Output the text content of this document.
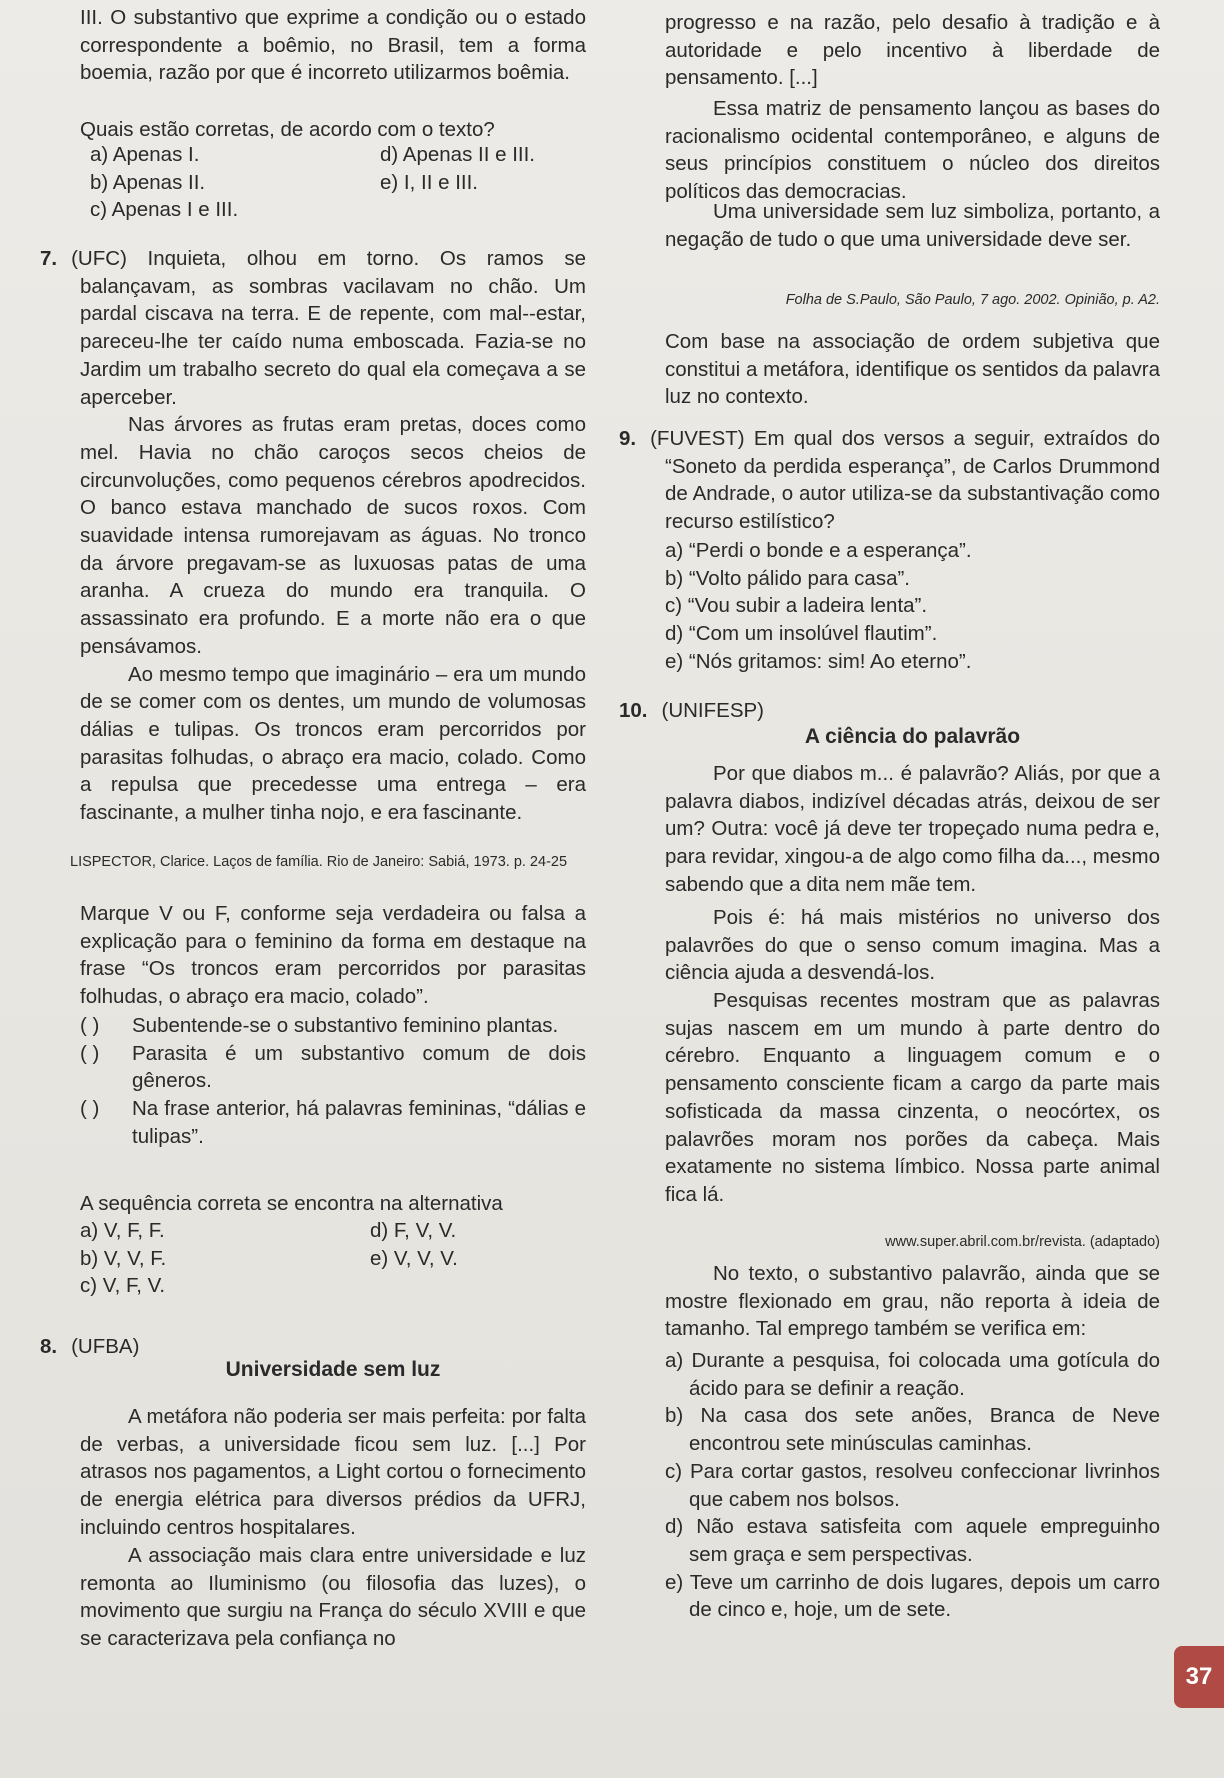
III. O substantivo que exprime a condição ou o estado correspondente a boêmio, no Brasil, tem a forma boemia, razão por que é incorreto utilizarmos boêmia.

Quais estão corretas, de acordo com o texto?

a) Apenas I.	d) Apenas II e III.
b) Apenas II.	e) I, II e III.
c) Apenas I e III.

7. (UFC) Inquieta, olhou em torno. Os ramos se balançavam, as sombras vacilavam no chão. Um pardal ciscava na terra. E de repente, com mal--estar, pareceu-lhe ter caído numa emboscada. Fazia-se no Jardim um trabalho secreto do qual ela começava a se aperceber.

Nas árvores as frutas eram pretas, doces como mel. Havia no chão caroços secos cheios de circunvoluções, como pequenos cérebros apodrecidos. O banco estava manchado de sucos roxos. Com suavidade intensa rumorejavam as águas. No tronco da árvore pregavam-se as luxuosas patas de uma aranha. A crueza do mundo era tranquila. O assassinato era profundo. E a morte não era o que pensávamos.

Ao mesmo tempo que imaginário – era um mundo de se comer com os dentes, um mundo de volumosas dálias e tulipas. Os troncos eram percorridos por parasitas folhudas, o abraço era macio, colado. Como a repulsa que precedesse uma entrega – era fascinante, a mulher tinha nojo, e era fascinante.

LISPECTOR, Clarice. Laços de família. Rio de Janeiro: Sabiá, 1973. p. 24-25

Marque V ou F, conforme seja verdadeira ou falsa a explicação para o feminino da forma em destaque na frase “Os troncos eram percorridos por parasitas folhudas, o abraço era macio, colado”.

( )	Subentende-se o substantivo feminino plantas.
( )	Parasita é um substantivo comum de dois gêneros.
( )	Na frase anterior, há palavras femininas, “dálias e tulipas”.

A sequência correta se encontra na alternativa

a) V, F, F.	d) F, V, V.
b) V, V, F.	e) V, V, V.
c) V, F, V.

8. (UFBA)

Universidade sem luz

A metáfora não poderia ser mais perfeita: por falta de verbas, a universidade ficou sem luz. [...] Por atrasos nos pagamentos, a Light cortou o fornecimento de energia elétrica para diversos prédios da UFRJ, incluindo centros hospitalares.

A associação mais clara entre universidade e luz remonta ao Iluminismo (ou filosofia das luzes), o movimento que surgiu na França do século XVIII e que se caracterizava pela confiança no

progresso e na razão, pelo desafio à tradição e à autoridade e pelo incentivo à liberdade de pensamento. [...]

Essa matriz de pensamento lançou as bases do racionalismo ocidental contemporâneo, e alguns de seus princípios constituem o núcleo dos direitos políticos das democracias.

Uma universidade sem luz simboliza, portanto, a negação de tudo o que uma universidade deve ser.

Folha de S.Paulo, São Paulo, 7 ago. 2002. Opinião, p. A2.

Com base na associação de ordem subjetiva que constitui a metáfora, identifique os sentidos da palavra luz no contexto.

9. (FUVEST) Em qual dos versos a seguir, extraídos do “Soneto da perdida esperança”, de Carlos Drummond de Andrade, o autor utiliza-se da substantivação como recurso estilístico?

a) “Perdi o bonde e a esperança”.

b) “Volto pálido para casa”.

c) “Vou subir a ladeira lenta”.

d) “Com um insolúvel flautim”.

e) “Nós gritamos: sim! Ao eterno”.

10. (UNIFESP)

A ciência do palavrão

Por que diabos m... é palavrão? Aliás, por que a palavra diabos, indizível décadas atrás, deixou de ser um? Outra: você já deve ter tropeçado numa pedra e, para revidar, xingou-a de algo como filha da..., mesmo sabendo que a dita nem mãe tem.

Pois é: há mais mistérios no universo dos palavrões do que o senso comum imagina. Mas a ciência ajuda a desvendá-los.

Pesquisas recentes mostram que as palavras sujas nascem em um mundo à parte dentro do cérebro. Enquanto a linguagem comum e o pensamento consciente ficam a cargo da parte mais sofisticada da massa cinzenta, o neocórtex, os palavrões moram nos porões da cabeça. Mais exatamente no sistema límbico. Nossa parte animal fica lá.

www.super.abril.com.br/revista. (adaptado)

No texto, o substantivo palavrão, ainda que se mostre flexionado em grau, não reporta à ideia de tamanho. Tal emprego também se verifica em:

a) Durante a pesquisa, foi colocada uma gotícula do ácido para se definir a reação.

b) Na casa dos sete anões, Branca de Neve encontrou sete minúsculas caminhas.

c) Para cortar gastos, resolveu confeccionar livrinhos que cabem nos bolsos.

d) Não estava satisfeita com aquele empreguinho sem graça e sem perspectivas.

e) Teve um carrinho de dois lugares, depois um carro de cinco e, hoje, um de sete.

37
